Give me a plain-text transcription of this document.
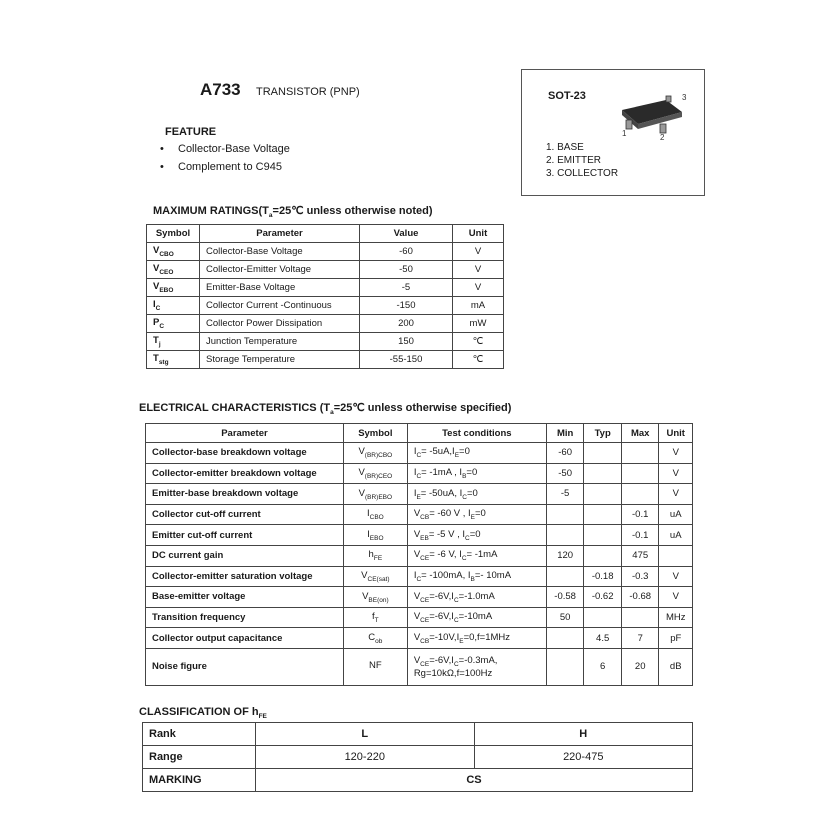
A733 TRANSISTOR (PNP)
FEATURE
• Collector-Base Voltage
• Complement to C945
SOT-23	3
1	2
1. BASE
2. EMITTER
3. COLLECTOR
MAXIMUM $RATINGS(T_a=25℃$ unless otherwise noted)
Symbol	Parameter	Value	Unit
$V_{CBO}$	Collector-Base Voltage	-60	V
$V_{CEO}$	Collector-Emitter Voltage	-50	V
$V_{EBO}$	Emitter-Base Voltage	-5	V
$I_C$	Collector Current -Continuous	-150	mA
$P_C$	Collector Power Dissipation	200	mW
$T_j$	Junction Temperature	150	℃
$T_{stg}$	Storage Temperature	-55-150	℃
ELECTRICAL CHARACTERISTICS ($T_a=25℃$ unless otherwise specified)
Parameter	Symbol	Test conditions	Min	Typ	Max	Unit
Collector-base breakdown voltage	$V_{(BR)CBO}$	$I_C= -5uA,I_E=0$	-60			V
Collector-emitter breakdown voltage	$V_{(BR)CEO}$	$I_C= -1mA$ , $I_B=0$	-50			V
Emitter-base breakdown voltage	$V_{(BR)EBO}$	$I_E= -50uA$, $I_C=0$	-5			V
Collector cut-off current	$I_{CBO}$	$V_{CB}= -60$ V , $I_E=0$			-0.1	uA
Emitter cut-off current	$I_{EBO}$	$V_{EB}= -5$ V , $I_C=0$			-0.1	uA
DC current gain	$h_{FE}$	$V_{CE}= -6$ V, $I_C= -1mA$	120		475	
Collector-emitter saturation voltage	$V_{CE(sat)}$	$I_C= -100mA$, $I_B=-$ 10mA		-0.18	-0.3	V
Base-emitter voltage	$V_{BE(on)}$	$V_{CE}=-6V,I_C=-1.0mA$	-0.58	-0.62	-0.68	V
Transition frequency	$f_T$	$V_{CE}=-6V,I_C=-10mA$	50			MHz
Collector output capacitance	$C_{ob}$	$V_{CB}=-10V,I_E=0,f=1MHz$		4.5	7	pF
Noise figure	NF	$V_{CE}=-6V,I_C=-0.3mA$,
Rg=10kΩ,f=100Hz		6	20	dB
CLASSIFICATION OF $h_{FE}$
Rank	L	H
Range	120-220	220-475
MARKING	CS	
